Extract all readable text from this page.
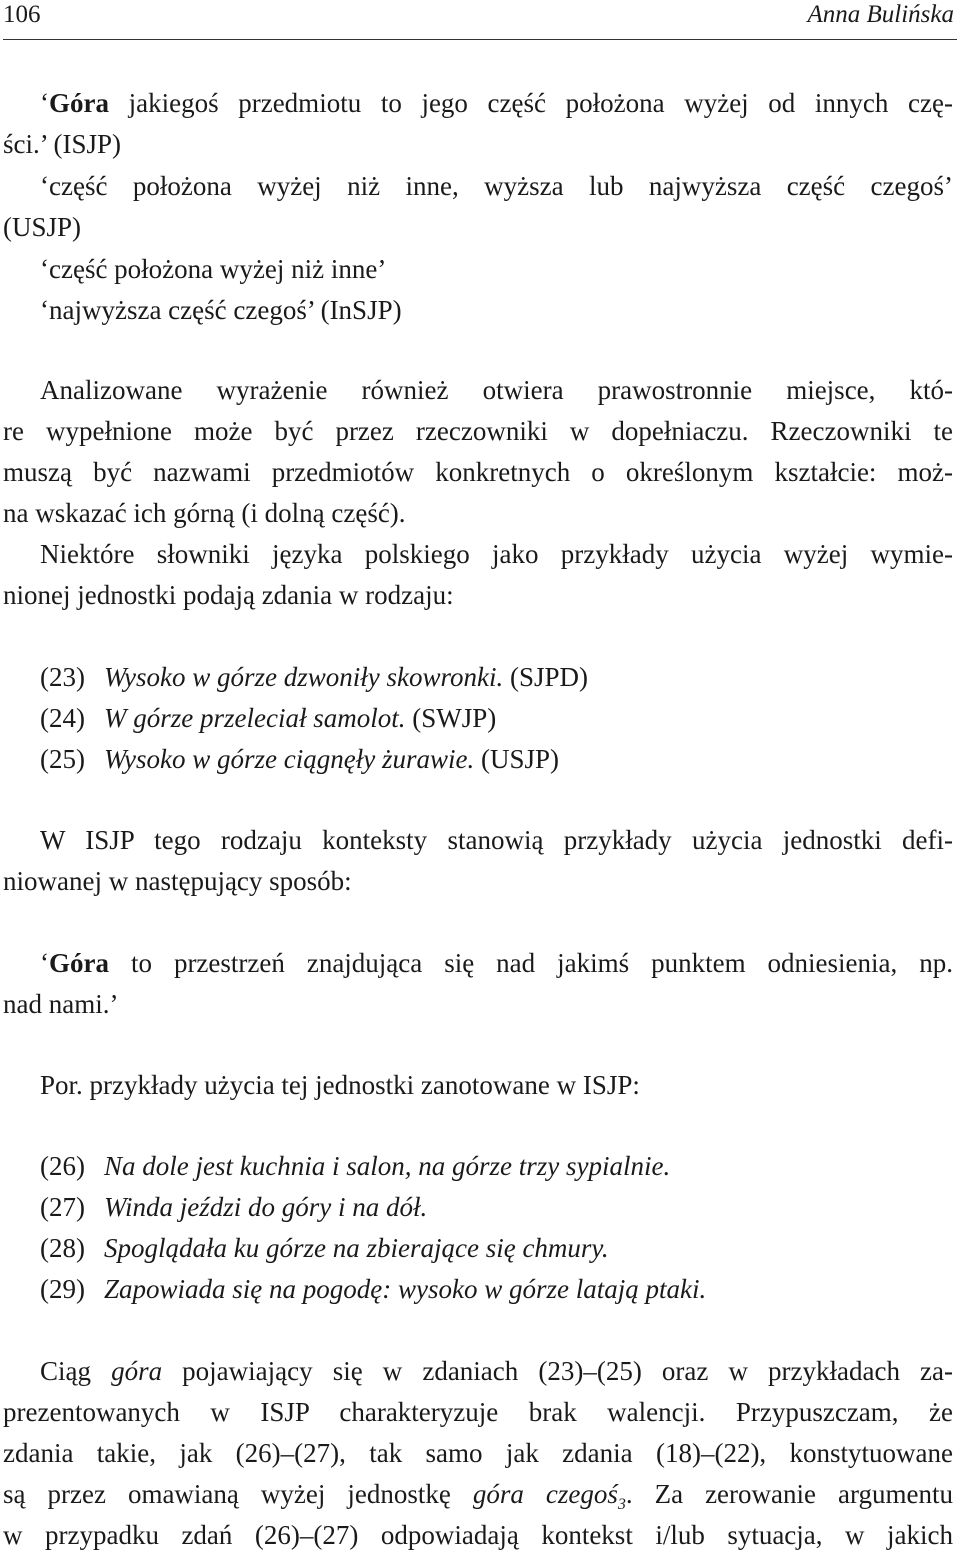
106	Anna Bulińska
‘Góra jakiegoś przedmiotu to jego część położona wyżej od innych czę-
ści.’ (ISJP)
‘część położona wyżej niż inne, wyższa lub najwyższa część czegoś’
(USJP)
‘część położona wyżej niż inne’
‘najwyższa część czegoś’ (InSJP)
Analizowane wyrażenie również otwiera prawostronnie miejsce, któ-
re wypełnione może być przez rzeczowniki w dopełniaczu. Rzeczowniki te
muszą być nazwami przedmiotów konkretnych o określonym kształcie: moż-
na wskazać ich górną (i dolną część).
Niektóre słowniki języka polskiego jako przykłady użycia wyżej wymie-
nionej jednostki podają zdania w rodzaju:
(23) Wysoko w górze dzwoniły skowronki. (SJPD)
(24) W górze przeleciał samolot. (SWJP)
(25) Wysoko w górze ciągnęły żurawie. (USJP)
W ISJP tego rodzaju konteksty stanowią przykłady użycia jednostki defi-
niowanej w następujący sposób:
‘Góra to przestrzeń znajdująca się nad jakimś punktem odniesienia, np.
nad nami.’
Por. przykłady użycia tej jednostki zanotowane w ISJP:
(26) Na dole jest kuchnia i salon, na górze trzy sypialnie.
(27) Winda jeździ do góry i na dół.
(28) Spoglądała ku górze na zbierające się chmury.
(29) Zapowiada się na pogodę: wysoko w górze latają ptaki.
Ciąg góra pojawiający się w zdaniach (23)–(25) oraz w przykładach za-
prezentowanych w ISJP charakteryzuje brak walencji. Przypuszczam, że
zdania takie, jak (26)–(27), tak samo jak zdania (18)–(22), konstytuowane
są przez omawianą wyżej jednostkę góra czegoś$_3$. Za zerowanie argumentu
w przypadku zdań (26)–(27) odpowiadają kontekst i/lub sytuacja, w jakich
